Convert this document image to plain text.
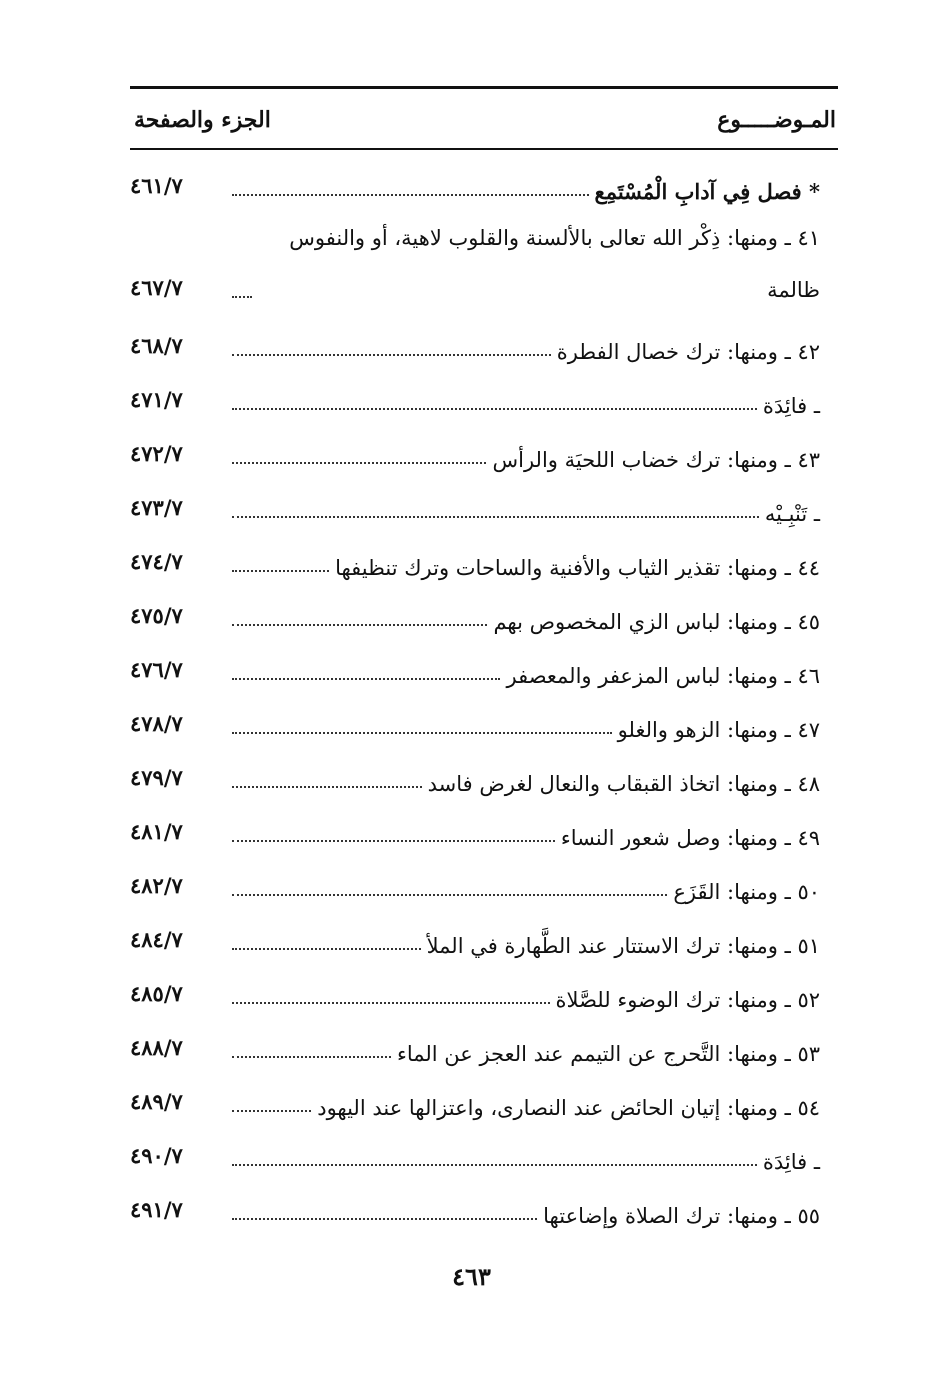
المـوضـــــوع
الجزء والصفحة
* فصل فِي آدابِ الْمُسْتَمِع
٤٦١/٧
٤١ ـ ومنها: ذِكْر الله تعالى بالألسنة والقلوب لاهية، أو والنفوس ظالمة
٤٦٧/٧
٤٢ ـ ومنها: ترك خصال الفطرة
٤٦٨/٧
ـ فائِدَة
٤٧١/٧
٤٣ ـ ومنها: ترك خضاب اللحيَة والرأس
٤٧٢/٧
ـ تَنْبِـيْه
٤٧٣/٧
٤٤ ـ ومنها: تقذير الثياب والأفنية والساحات وترك تنظيفها
٤٧٤/٧
٤٥ ـ ومنها: لباس الزي المخصوص بهم
٤٧٥/٧
٤٦ ـ ومنها: لباس المزعفر والمعصفر
٤٧٦/٧
٤٧ ـ ومنها: الزهو والغلو
٤٧٨/٧
٤٨ ـ ومنها: اتخاذ القبقاب والنعال لغرض فاسد
٤٧٩/٧
٤٩ ـ ومنها: وصل شعور النساء
٤٨١/٧
٥٠ ـ ومنها: القَزَع
٤٨٢/٧
٥١ ـ ومنها: ترك الاستتار عند الطَّهارة في الملأ
٤٨٤/٧
٥٢ ـ ومنها: ترك الوضوء للصَّلاة
٤٨٥/٧
٥٣ ـ ومنها: التَّحرج عن التيمم عند العجز عن الماء
٤٨٨/٧
٥٤ ـ ومنها: إتيان الحائض عند النصارى، واعتزالها عند اليهود
٤٨٩/٧
ـ فائِدَة
٤٩٠/٧
٥٥ ـ ومنها: ترك الصلاة وإضاعتها
٤٩١/٧
٤٦٣
